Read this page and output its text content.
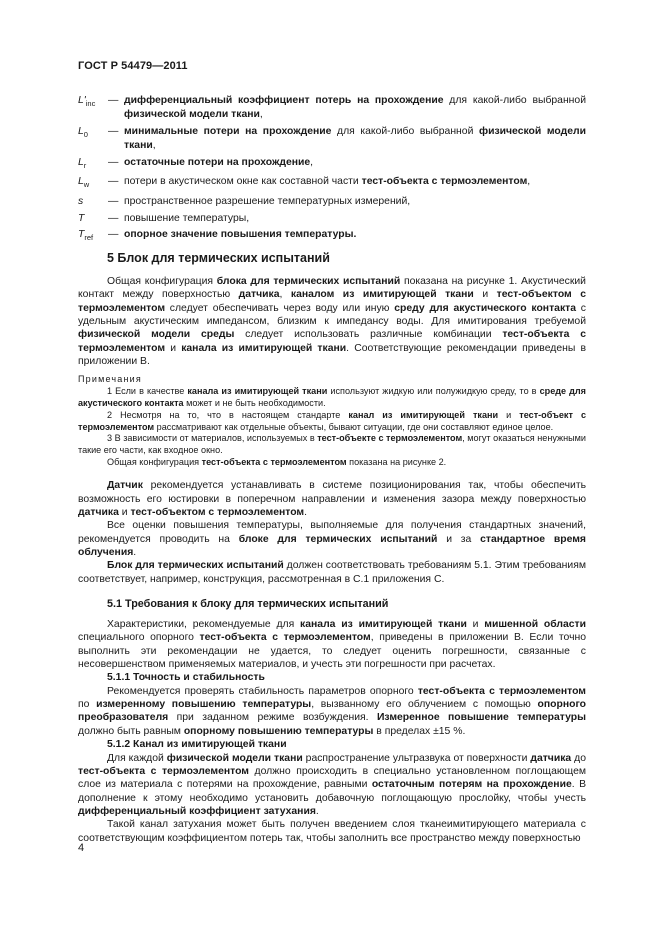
ГОСТ Р 54479—2011
$L'_{inc}$	— дифференциальный коэффициент потерь на прохождение для какой-либо выбранной физической модели ткани,
$L_0$	— минимальные потери на прохождение для какой-либо выбранной физической модели ткани,
$L_r$	— остаточные потери на прохождение,
$L_w$	— потери в акустическом окне как составной части тест-объекта с термоэлементом,
s	— пространственное разрешение температурных измерений,
T	— повышение температуры,
$T_{ref}$	— опорное значение повышения температуры.
5 Блок для термических испытаний

Общая конфигурация блока для термических испытаний показана на рисунке 1. Акустический контакт между поверхностью датчика, каналом из имитирующей ткани и тест-объектом с термоэлементом следует обеспечивать через воду или иную среду для акустического контакта с удельным акустическим импедансом, близким к импедансу воды. Для имитирования требуемой физической модели среды следует использовать различные комбинации тест-объекта с термоэлементом и канала из имитирующей ткани. Соответствующие рекомендации приведены в приложении В.

Примечания

1 Если в качестве канала из имитирующей ткани используют жидкую или полужидкую среду, то в среде для акустического контакта может и не быть необходимости.

2 Несмотря на то, что в настоящем стандарте канал из имитирующей ткани и тест-объект с термоэлементом рассматривают как отдельные объекты, бывают ситуации, где они составляют единое целое.

3 В зависимости от материалов, используемых в тест-объекте с термоэлементом, могут оказаться ненужными такие его части, как входное окно.

Общая конфигурация тест-объекта с термоэлементом показана на рисунке 2.

Датчик рекомендуется устанавливать в системе позиционирования так, чтобы обеспечить возможность его юстировки в поперечном направлении и изменения зазора между поверхностью датчика и тест-объектом с термоэлементом.

Все оценки повышения температуры, выполняемые для получения стандартных значений, рекомендуется проводить на блоке для термических испытаний и за стандартное время облучения.

Блок для термических испытаний должен соответствовать требованиям 5.1. Этим требованиям соответствует, например, конструкция, рассмотренная в С.1 приложения С.

5.1 Требования к блоку для термических испытаний

Характеристики, рекомендуемые для канала из имитирующей ткани и мишенной области специального опорного тест-объекта с термоэлементом, приведены в приложении В. Если точно выполнить эти рекомендации не удается, то следует оценить погрешности, связанные с несовершенством применяемых материалов, и учесть эти погрешности при расчетах.

5.1.1 Точность и стабильность

Рекомендуется проверять стабильность параметров опорного тест-объекта с термоэлементом по измеренному повышению температуры, вызванному его облучением с помощью опорного преобразователя при заданном режиме возбуждения. Измеренное повышение температуры должно быть равным опорному повышению температуры в пределах ±15 %.

5.1.2 Канал из имитирующей ткани

Для каждой физической модели ткани распространение ультразвука от поверхности датчика до тест-объекта с термоэлементом должно происходить в специально установленном поглощающем слое из материала с потерями на прохождение, равными остаточным потерям на прохождение. В дополнение к этому необходимо установить добавочную поглощающую прослойку, чтобы учесть дифференциальный коэффициент затухания.

Такой канал затухания может быть получен введением слоя тканеимитирующего материала с соответствующим коэффициентом потерь так, чтобы заполнить все пространство между поверхностью

4
